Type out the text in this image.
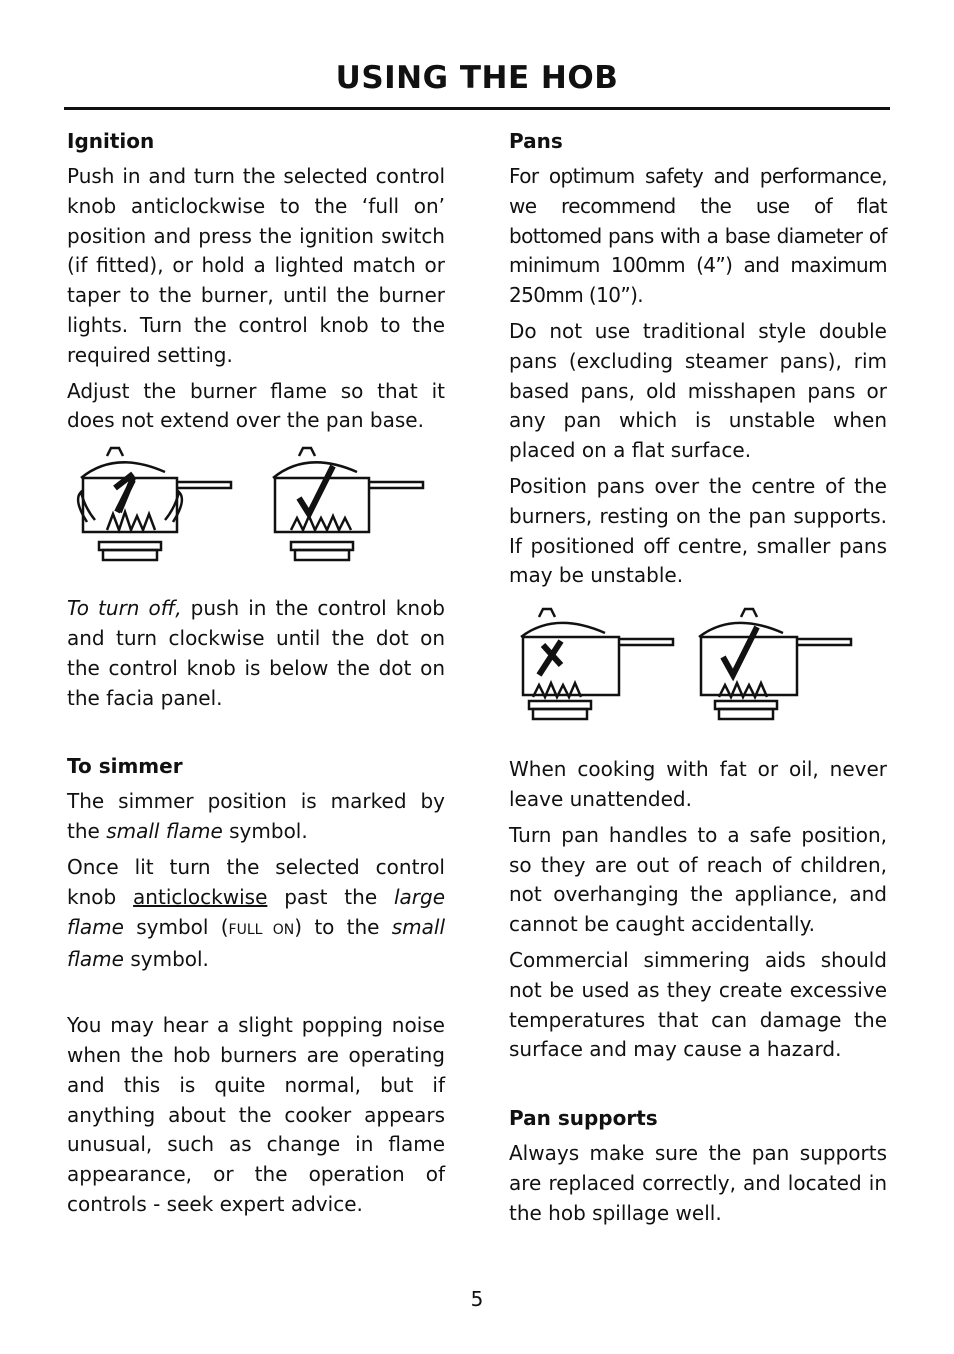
USING THE HOB
Ignition

Push in and turn the selected control knob anticlockwise to the ‘full on’ position and press the ignition switch (if fitted), or hold a lighted match or taper to the burner, until the burner lights. Turn the control knob to the required setting.

Adjust the burner flame so that it does not extend over the pan base.

To turn off, push in the control knob and turn clockwise until the dot on the control knob is below the dot on the facia panel.

To simmer

The simmer position is marked by the small flame symbol.

Once lit turn the selected control knob anticlockwise past the large flame symbol (FULL ON) to the small flame symbol.

You may hear a slight popping noise when the hob burners are operating and this is quite normal, but if anything about the cooker appears unusual, such as change in flame appearance, or the operation of controls - seek expert advice.

Pans

For optimum safety and performance, we recommend the use of flat bottomed pans with a base diameter of minimum 100mm (4”) and maximum 250mm (10”).

Do not use traditional style double pans (excluding steamer pans), rim based pans, old misshapen pans or any pan which is unstable when placed on a flat surface.

Position pans over the centre of the burners, resting on the pan supports. If positioned off centre, smaller pans may be unstable.

When cooking with fat or oil, never leave unattended.

Turn pan handles to a safe position, so they are out of reach of children, not overhanging the appliance, and cannot be caught accidentally.

Commercial simmering aids should not be used as they create excessive temperatures that can damage the surface and may cause a hazard.

Pan supports

Always make sure the pan supports are replaced correctly, and located in the hob spillage well.

5
